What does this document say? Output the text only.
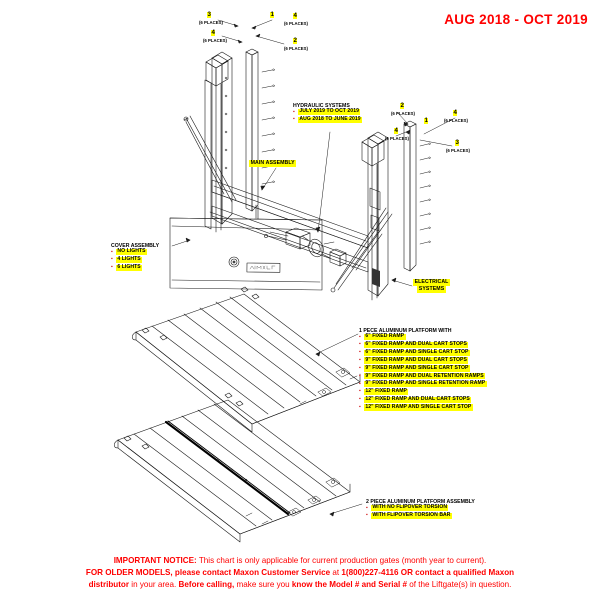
AUG 2018 - OCT 2019
3
(6 PLACES)
4
(6 PLACES)
1	4
(6 PLACES)
2
(6 PLACES)
2
(6 PLACES)
4
(6 PLACES)
1
4
(6 PLACES)
3
(6 PLACES)
HYDRAULIC SYSTEMS
▪ JULY 2019 TO OCT 2019
▪ AUG 2018 TO JUNE 2019
MAIN ASSEMBLY
ELECTRICAL
SYSTEMS
COVER ASSEMBLY
▪ NO LIGHTS
▪ 4 LIGHTS
▪ 6 LIGHTS
1 PECE ALUMINUM PLATFORM WITH
▪ 6" FIXED RAMP
▪ 6" FIXED RAMP AND DUAL CART STOPS
▪ 6" FIXED RAMP AND SINGLE CART STOP
▪ 9" FIXED RAMP AND DUAL CART STOPS
▪ 9" FIXED RAMP AND SINGLE CART STOP
▪ 9" FIXED RAMP AND DUAL RETENTION RAMPS
▪ 9" FIXED RAMP AND SINGLE RETENTION RAMP
▪ 12" FIXED RAMP
▪ 12" FIXED RAMP AND DUAL CART STOPS
▪ 12" FIXED RAMP AND SINGLE CART STOP
2 PIECE ALUMINUM PLATFORM ASSEMBLY
▪ WITH NO FLIPOVER TORSION
▪ WITH FLIPOVER TORSION BAR
IMPORTANT NOTICE: This chart is only applicable for current production gates (month year to current).
FOR OLDER MODELS, please contact Maxon Customer Service at 1(800)227-4116 OR contact a qualified Maxon
distributor in your area. Before calling, make sure you know the Model # and Serial # of the Liftgate(s) in question.
